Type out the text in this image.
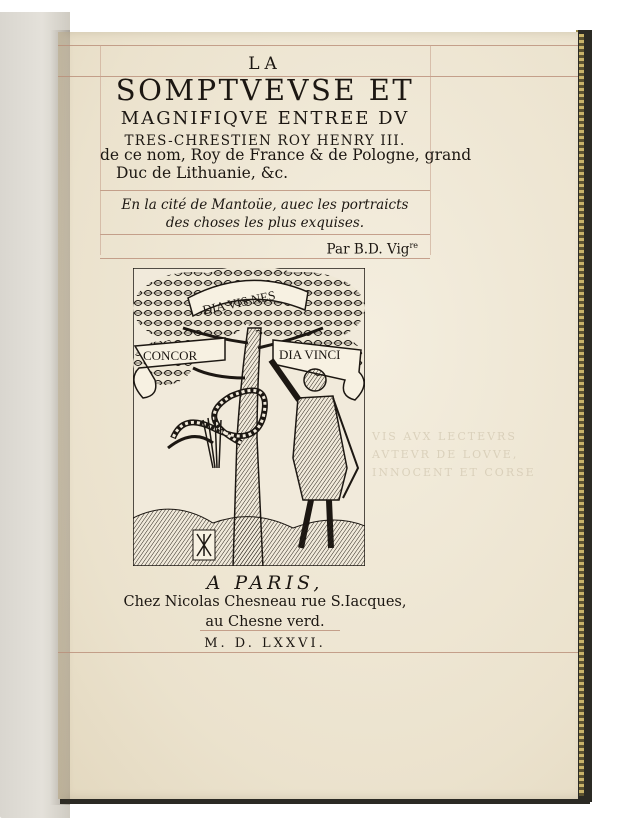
VIS AVX LECTEVRS
AVTEVR DE LOVVE,
INNOCENT ET CORSE
LA
SOMPTVEVSE ET
MAGNIFIQVE ENTREE DV
TRES-CHRESTIEN ROY HENRY III.
de ce nom, Roy de France & de Pologne, grand
Duc de Lithuanie, &c.
En la cité de Mantoüe, auec les portraicts
des choses les plus exquises.
Par B.D. Vig$^{re}$
DIA VIS NES
CONCOR	DIA VINCI
A PARIS,
Chez Nicolas Chesneau rue S.Iacques,
au Chesne verd.
M. D. LXXVI.
